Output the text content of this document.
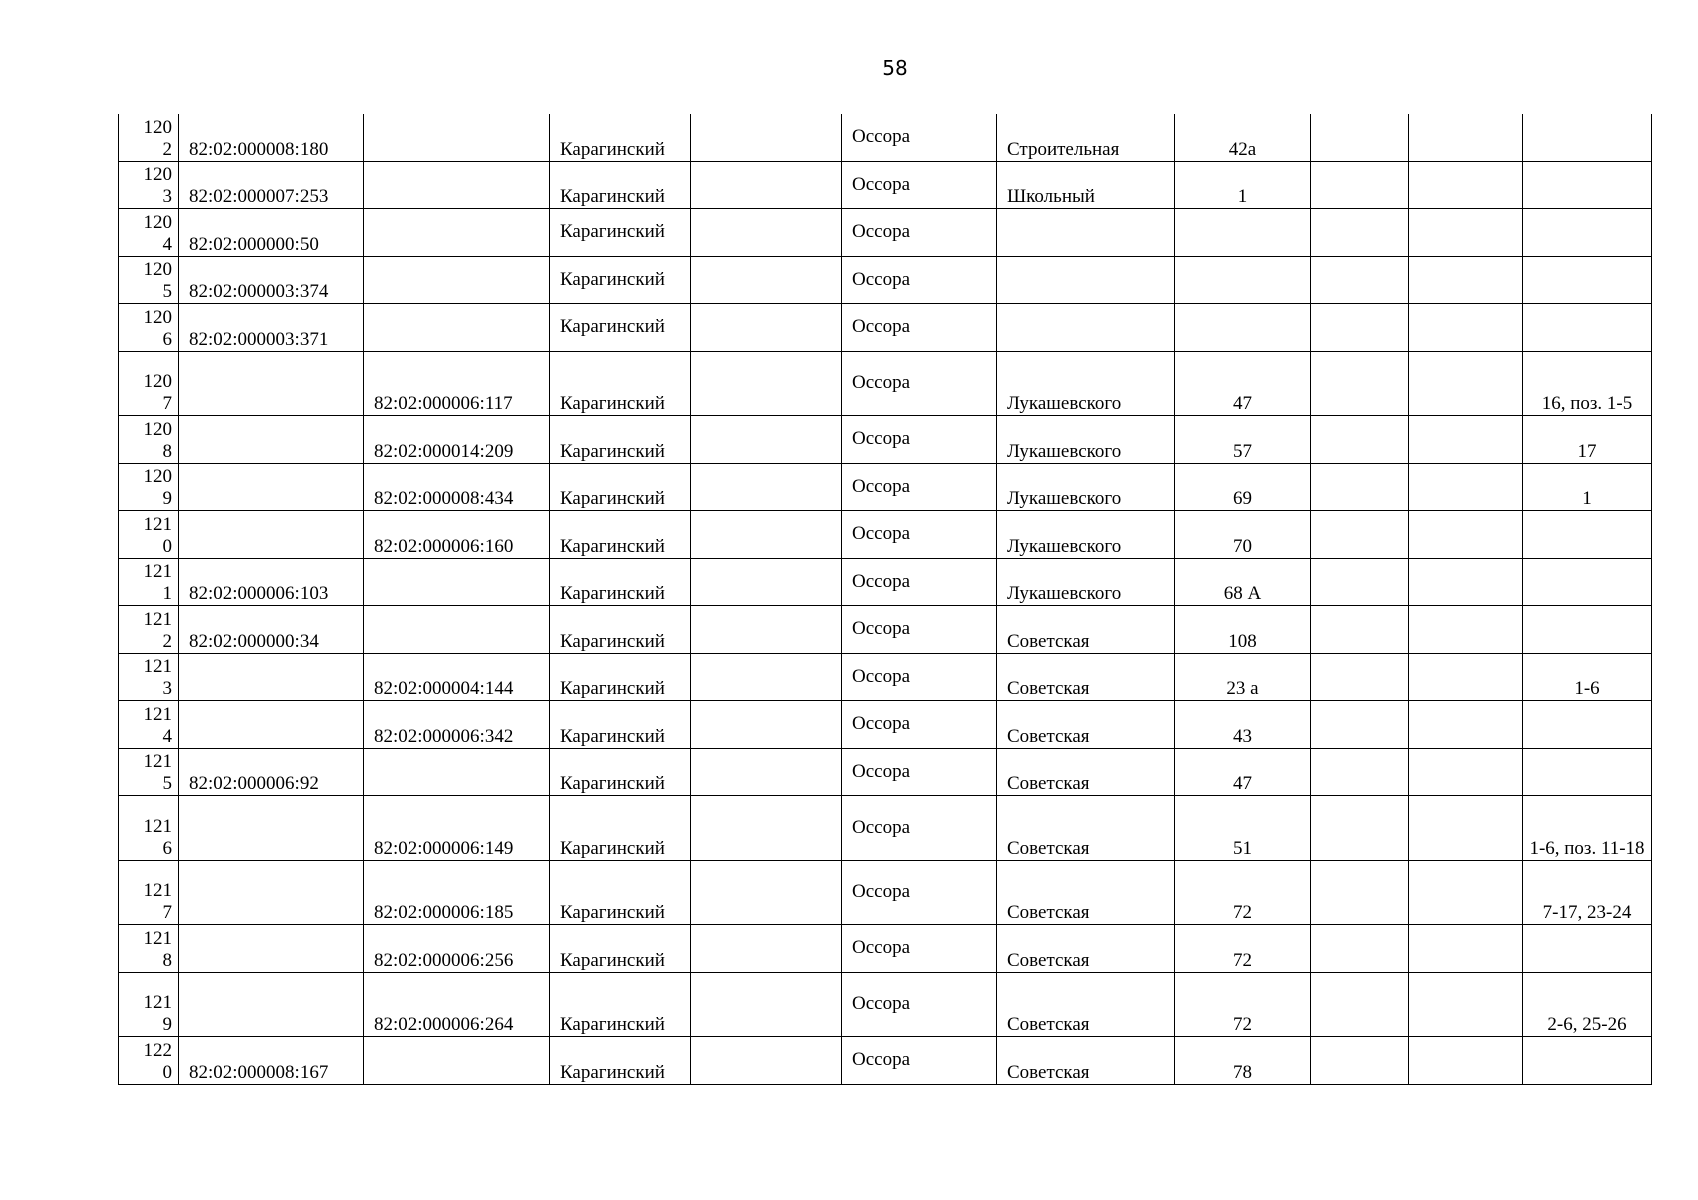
58
120
2	82:02:000008:180		Карагинский		Оссора	Строительная	42а			

120
3	82:02:000007:253		Карагинский		Оссора	Школьный	1			

120
4	82:02:000000:50		Карагинский		Оссора					

120
5	82:02:000003:374		Карагинский		Оссора					

120
6	82:02:000003:371		Карагинский		Оссора					

120
7		82:02:000006:117	Карагинский		Оссора	Лукашевского	47			16, поз. 1-5

120
8		82:02:000014:209	Карагинский		Оссора	Лукашевского	57			17

120
9		82:02:000008:434	Карагинский		Оссора	Лукашевского	69			1

121
0		82:02:000006:160	Карагинский		Оссора	Лукашевского	70			

121
1	82:02:000006:103		Карагинский		Оссора	Лукашевского	68 А			

121
2	82:02:000000:34		Карагинский		Оссора	Советская	108			

121
3		82:02:000004:144	Карагинский		Оссора	Советская	23 а			1-6

121
4		82:02:000006:342	Карагинский		Оссора	Советская	43			

121
5	82:02:000006:92		Карагинский		Оссора	Советская	47			

121
6		82:02:000006:149	Карагинский		Оссора	Советская	51			1-6, поз. 11-18

121
7		82:02:000006:185	Карагинский		Оссора	Советская	72			7-17, 23-24

121
8		82:02:000006:256	Карагинский		Оссора	Советская	72			

121
9		82:02:000006:264	Карагинский		Оссора	Советская	72			2-6, 25-26

122
0	82:02:000008:167		Карагинский		Оссора	Советская	78			
